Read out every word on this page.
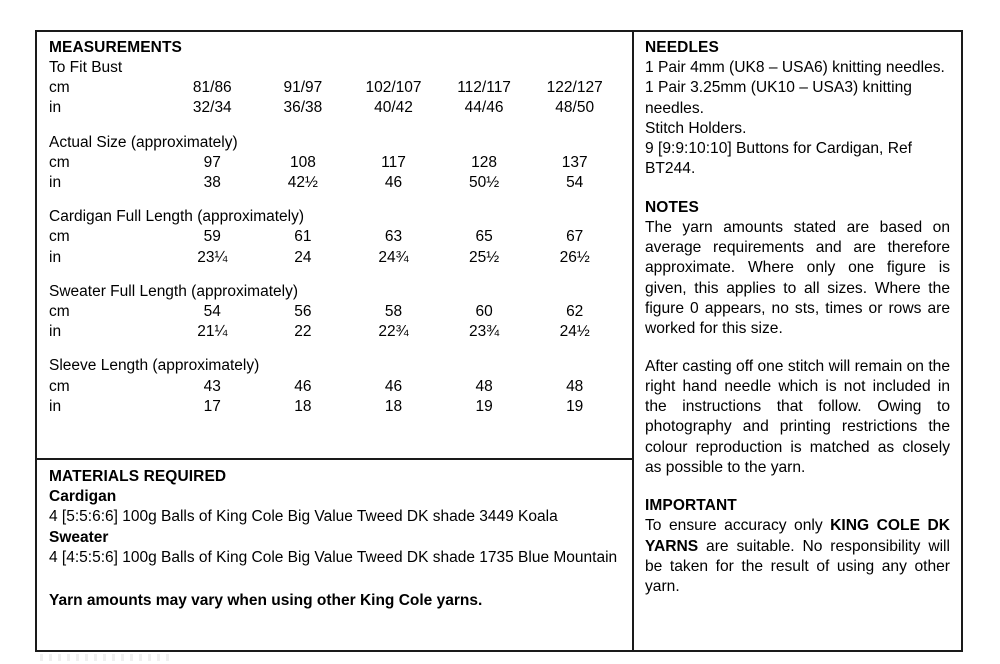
MEASUREMENTS
To Fit Bust
cm	81/86	91/97	102/107	112/117	122/127
in	32/34	36/38	40/42	44/46	48/50
Actual Size (approximately)
cm	97	108	117	128	137
in	38	42½	46	50½	54
Cardigan Full Length (approximately)
cm	59	61	63	65	67
in	23¼	24	24¾	25½	26½
Sweater Full Length (approximately)
cm	54	56	58	60	62
in	21¼	22	22¾	23¾	24½
Sleeve Length (approximately)
cm	43	46	46	48	48
in	17	18	18	19	19
MATERIALS REQUIRED

Cardigan

4 [5:5:6:6] 100g Balls of King Cole Big Value Tweed DK shade 3449 Koala

Sweater

4 [4:5:5:6] 100g Balls of King Cole Big Value Tweed DK shade 1735 Blue Mountain

Yarn amounts may vary when using other King Cole yarns.

NEEDLES

1 Pair 4mm (UK8 – USA6) knitting needles.

1 Pair 3.25mm (UK10 – USA3) knitting needles.

Stitch Holders.

9 [9:9:10:10] Buttons for Cardigan, Ref BT244.

NOTES

The yarn amounts stated are based on average requirements and are therefore approximate. Where only one figure is given, this applies to all sizes. Where the figure 0 appears, no sts, times or rows are worked for this size.

After casting off one stitch will remain on the right hand needle which is not included in the instructions that follow. Owing to photography and printing restrictions the colour reproduction is matched as closely as possible to the yarn.

IMPORTANT

To ensure accuracy only KING COLE DK YARNS are suitable. No responsibility will be taken for the result of using any other yarn.
